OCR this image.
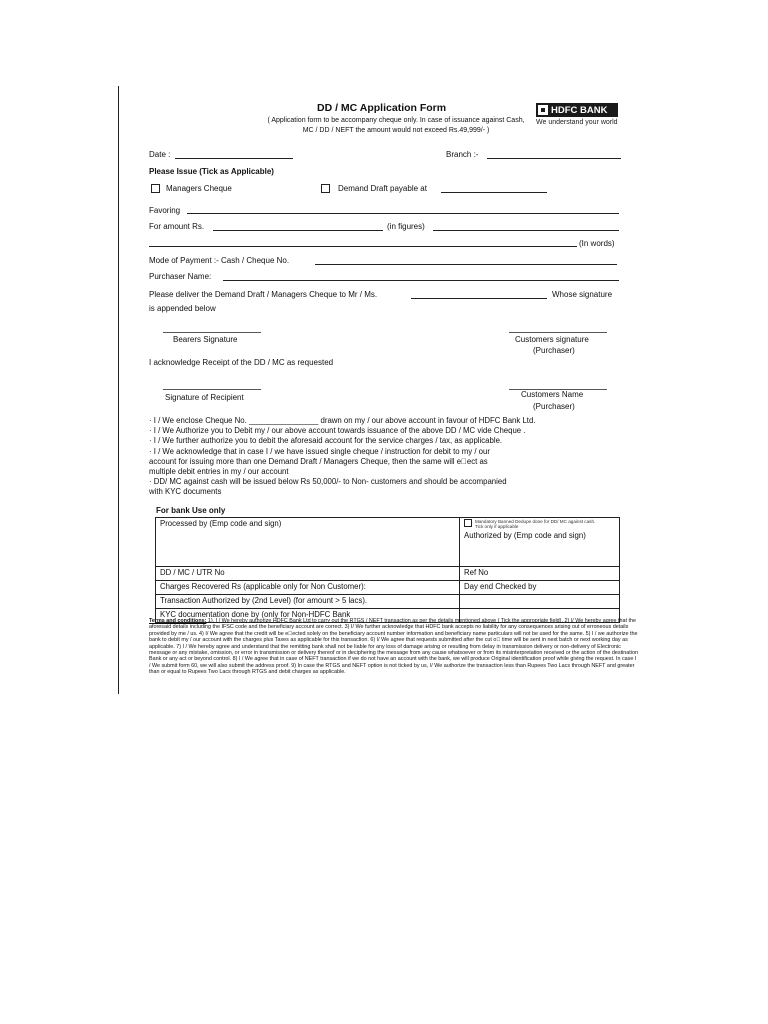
DD / MC Application Form
( Application form to be accompany cheque only. In case of issuance against Cash, MC / DD / NEFT the amount would not exceed Rs.49,999/- )
HDFC BANK
We understand your world
Date :	Branch :-
Please Issue (Tick as Applicable)
Managers Cheque	Demand Draft payable at
Favoring
For amount Rs.	(in figures)
(In words)
Mode of Payment :- Cash / Cheque No.
Purchaser Name:
Please deliver the Demand Draft / Managers Cheque to Mr / Ms.	Whose signature
is appended below
Bearers Signature	Customers signature
(Purchaser)
I acknowledge Receipt of the DD / MC as requested
Signature of Recipient	Customers Name
(Purchaser)
· I / We enclose Cheque No. ________________ drawn on my / our above account in favour of HDFC Bank Ltd.
· I / We Authorize you to Debit my / our above account towards issuance of the above DD / MC vide Cheque .
· I / We further authorize you to debit the aforesaid account for the service charges / tax, as applicable.
· I / We acknowledge that in case I / we have issued single cheque / instruction for debit to my / our
account for issuing more than one Demand Draft / Managers Cheque, then the same will e ect as
multiple debit entries in my / our account
· DD/ MC against cash will be issued below Rs 50,000/- to Non- customers and should be accompanied
with KYC documents
For bank Use only
Processed by (Emp code and sign)	Mandatory Banned Dedupe done for DD/ MC against cash.
Tick only if applicable
Authorized by (Emp code and sign)

DD / MC / UTR No	Ref No
Charges Recovered Rs (applicable only for Non Customer):	Day end Checked by
Transaction Authorized by (2nd Level) (for amount > 5 lacs).	
KYC documentation done by (only for Non-HDFC Bank	
Terms and conditions: 1). I / We hereby authorize HDFC Bank Ltd to carry out the RTGS / NEFT transaction as per the details mentioned above ( Tick the appropriate field). 2) I/ We hereby agree that the aforesaid details including the IFSC code and the beneficiary account are correct. 3) I/ We further acknowledge that HDFC bank accepts no liability for any consequences arising out of erroneous details provided by me / us. 4) I/ We agree that the credit will be e ected solely on the beneficiary account number information and beneficiary name particulars will not be used for the same. 5) I / we authorize the bank to debit my / our account with the charges plus Taxes as applicable for this transaction. 6) I/ We agree that requests submitted after the cut o  time will be sent in next batch or next working day as applicable. 7) I / We hereby agree and understand that the remitting bank shall not be liable for any loss of damage arising or resulting from delay in transmission delivery or non-delivery of Electronic message or any mistake, omission, or error in transmission or delivery thereof or in deciphering the message from any cause whatsoever or from its misinterpretation received or the action of the destination Bank or any act or beyond control. 8) I / We agree that in case of NEFT transaction if we do not have an account with the bank, we will produce Original identification proof while giving the request. In case I / We submit form 60, we will also submit the address proof. 9) In case the RTGS and NEFT option is not ticked by us, I/ We authorize the transaction less than Rupees Two Lacs through NEFT and greater than or equal to Rupees Two Lacs through RTGS and debit charges as applicable.
